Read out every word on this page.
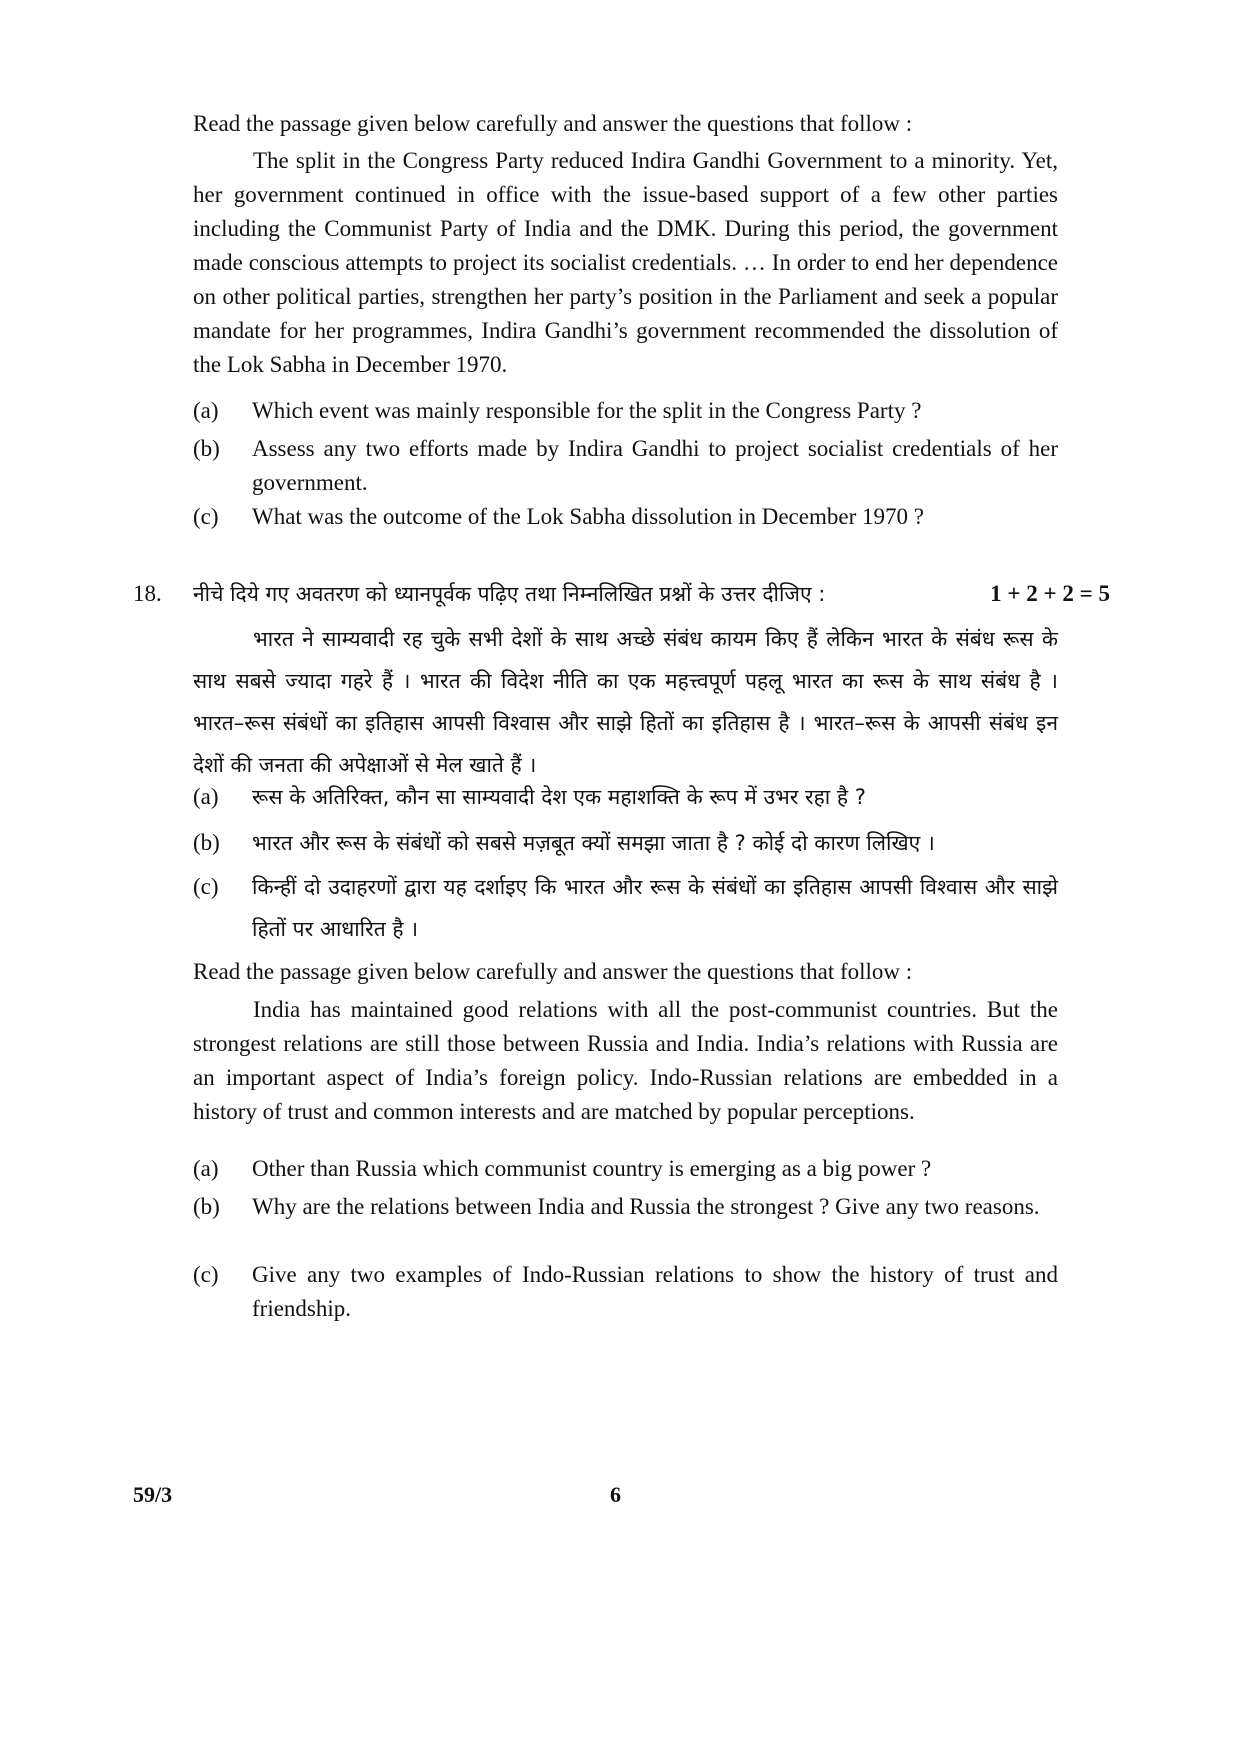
Read the passage given below carefully and answer the questions that follow :
The split in the Congress Party reduced Indira Gandhi Government to a minority. Yet, her government continued in office with the issue-based support of a few other parties including the Communist Party of India and the DMK. During this period, the government made conscious attempts to project its socialist credentials. … In order to end her dependence on other political parties, strengthen her party’s position in the Parliament and seek a popular mandate for her programmes, Indira Gandhi’s government recommended the dissolution of the Lok Sabha in December 1970.
(a)	Which event was mainly responsible for the split in the Congress Party ?
(b)	Assess any two efforts made by Indira Gandhi to project socialist credentials of her government.
(c)	What was the outcome of the Lok Sabha dissolution in December 1970 ?
18. नीचे दिये गए अवतरण को ध्यानपूर्वक पढ़िए तथा निम्नलिखित प्रश्नों के उत्तर दीजिए :	1 + 2 + 2 = 5
भारत ने साम्यवादी रह चुके सभी देशों के साथ अच्छे संबंध कायम किए हैं लेकिन भारत के संबंध रूस के साथ सबसे ज्यादा गहरे हैं । भारत की विदेश नीति का एक महत्त्वपूर्ण पहलू भारत का रूस के साथ संबंध है । भारत–रूस संबंधों का इतिहास आपसी विश्वास और साझे हितों का इतिहास है । भारत–रूस के आपसी संबंध इन देशों की जनता की अपेक्षाओं से मेल खाते हैं ।
(a)	रूस के अतिरिक्त, कौन सा साम्यवादी देश एक महाशक्ति के रूप में उभर रहा है ?
(b)	भारत और रूस के संबंधों को सबसे मज़बूत क्यों समझा जाता है ? कोई दो कारण लिखिए ।
(c)	किन्हीं दो उदाहरणों द्वारा यह दर्शाइए कि भारत और रूस के संबंधों का इतिहास आपसी विश्वास और साझे हितों पर आधारित है ।
Read the passage given below carefully and answer the questions that follow :
India has maintained good relations with all the post-communist countries. But the strongest relations are still those between Russia and India. India’s relations with Russia are an important aspect of India’s foreign policy. Indo-Russian relations are embedded in a history of trust and common interests and are matched by popular perceptions.
(a)	Other than Russia which communist country is emerging as a big power ?
(b)	Why are the relations between India and Russia the strongest ? Give any two reasons.
(c)	Give any two examples of Indo-Russian relations to show the history of trust and friendship.
59/3	6
